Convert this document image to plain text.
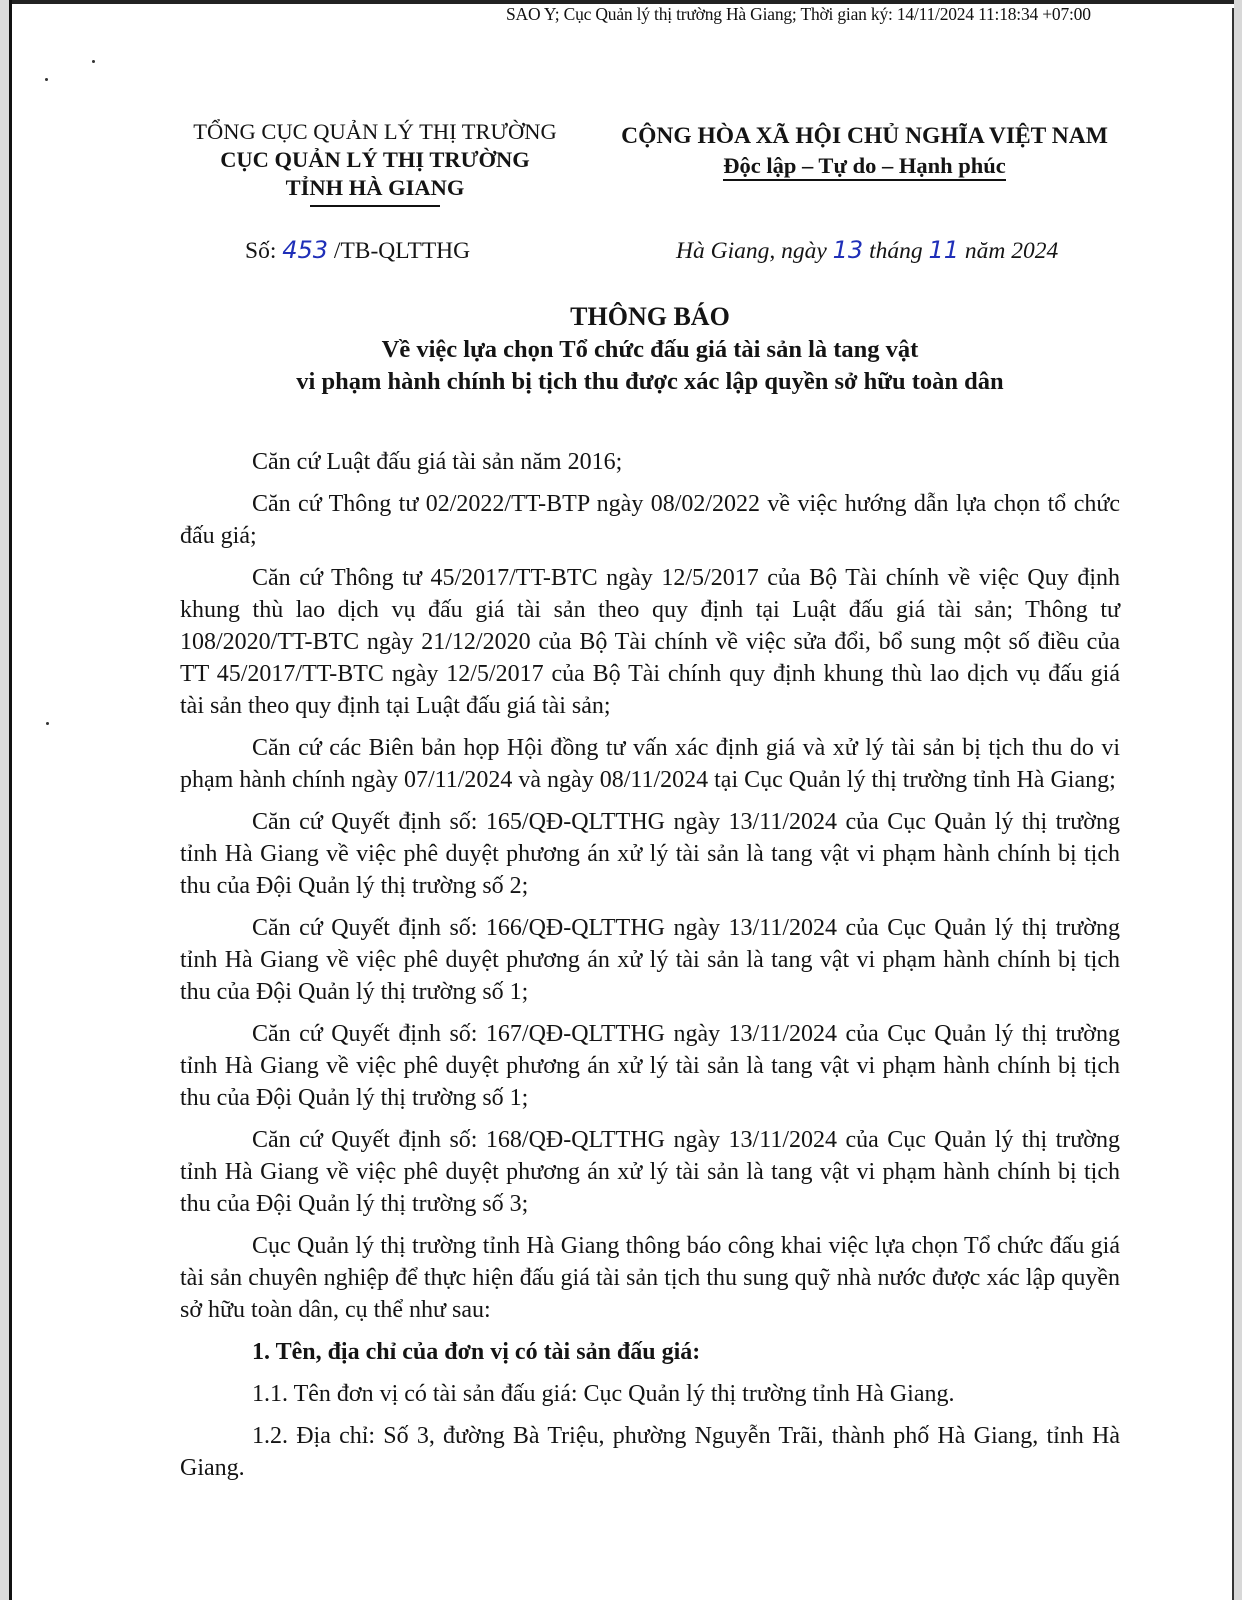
SAO Y; Cục Quản lý thị trường Hà Giang; Thời gian ký: 14/11/2024 11:18:34 +07:00
TỔNG CỤC QUẢN LÝ THỊ TRƯỜNG
CỤC QUẢN LÝ THỊ TRƯỜNG
TỈNH HÀ GIANG
CỘNG HÒA XÃ HỘI CHỦ NGHĨA VIỆT NAM
Độc lập – Tự do – Hạnh phúc
Số: 453 /TB-QLTTHG	Hà Giang, ngày 13 tháng 11 năm 2024
THÔNG BÁO
Về việc lựa chọn Tổ chức đấu giá tài sản là tang vật
vi phạm hành chính bị tịch thu được xác lập quyền sở hữu toàn dân

Căn cứ Luật đấu giá tài sản năm 2016;

Căn cứ Thông tư 02/2022/TT-BTP ngày 08/02/2022 về việc hướng dẫn lựa chọn tổ chức đấu giá;

Căn cứ Thông tư 45/2017/TT-BTC ngày 12/5/2017 của Bộ Tài chính về việc Quy định khung thù lao dịch vụ đấu giá tài sản theo quy định tại Luật đấu giá tài sản; Thông tư 108/2020/TT-BTC ngày 21/12/2020 của Bộ Tài chính về việc sửa đổi, bổ sung một số điều của TT 45/2017/TT-BTC ngày 12/5/2017 của Bộ Tài chính quy định khung thù lao dịch vụ đấu giá tài sản theo quy định tại Luật đấu giá tài sản;

Căn cứ các Biên bản họp Hội đồng tư vấn xác định giá và xử lý tài sản bị tịch thu do vi phạm hành chính ngày 07/11/2024 và ngày 08/11/2024 tại Cục Quản lý thị trường tỉnh Hà Giang;

Căn cứ Quyết định số: 165/QĐ-QLTTHG ngày 13/11/2024 của Cục Quản lý thị trường tỉnh Hà Giang về việc phê duyệt phương án xử lý tài sản là tang vật vi phạm hành chính bị tịch thu của Đội Quản lý thị trường số 2;

Căn cứ Quyết định số: 166/QĐ-QLTTHG ngày 13/11/2024 của Cục Quản lý thị trường tỉnh Hà Giang về việc phê duyệt phương án xử lý tài sản là tang vật vi phạm hành chính bị tịch thu của Đội Quản lý thị trường số 1;

Căn cứ Quyết định số: 167/QĐ-QLTTHG ngày 13/11/2024 của Cục Quản lý thị trường tỉnh Hà Giang về việc phê duyệt phương án xử lý tài sản là tang vật vi phạm hành chính bị tịch thu của Đội Quản lý thị trường số 1;

Căn cứ Quyết định số: 168/QĐ-QLTTHG ngày 13/11/2024 của Cục Quản lý thị trường tỉnh Hà Giang về việc phê duyệt phương án xử lý tài sản là tang vật vi phạm hành chính bị tịch thu của Đội Quản lý thị trường số 3;

Cục Quản lý thị trường tỉnh Hà Giang thông báo công khai việc lựa chọn Tổ chức đấu giá tài sản chuyên nghiệp để thực hiện đấu giá tài sản tịch thu sung quỹ nhà nước được xác lập quyền sở hữu toàn dân, cụ thể như sau:

1. Tên, địa chỉ của đơn vị có tài sản đấu giá:

1.1. Tên đơn vị có tài sản đấu giá: Cục Quản lý thị trường tỉnh Hà Giang.

1.2. Địa chỉ: Số 3, đường Bà Triệu, phường Nguyễn Trãi, thành phố Hà Giang, tỉnh Hà Giang.
